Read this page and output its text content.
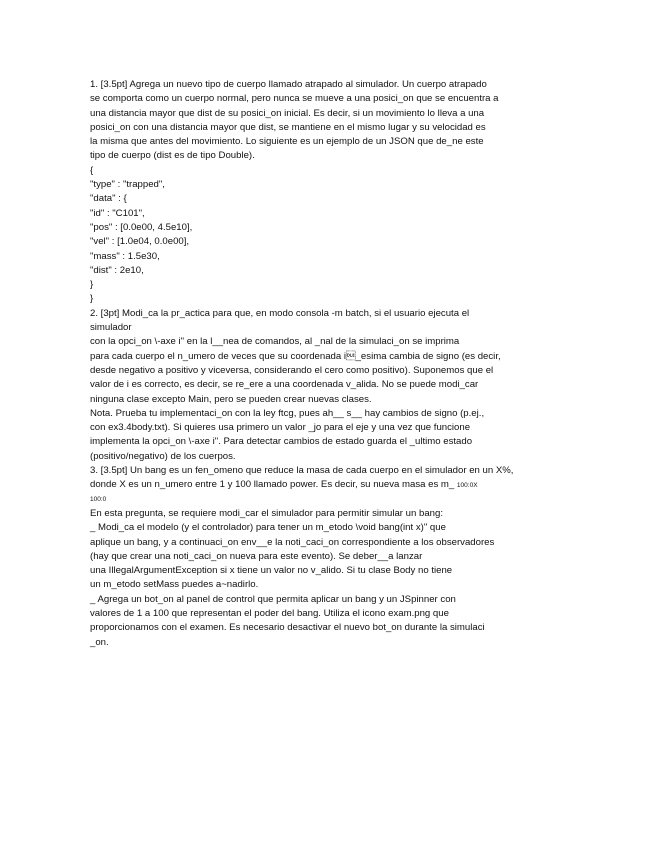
1. [3.5pt] Agrega un nuevo tipo de cuerpo llamado atrapado al simulador. Un cuerpo atrapado
se comporta como un cuerpo normal, pero nunca se mueve a una posici_on que se encuentra a
una distancia mayor que dist de su posici_on inicial. Es decir, si un movimiento lo lleva a una
posici_on con una distancia mayor que dist, se mantiene en el mismo lugar y su velocidad es
la misma que antes del movimiento. Lo siguiente es un ejemplo de un JSON que de_ne este
tipo de cuerpo (dist es de tipo Double).
{
"type" : "trapped",
"data" : {
"id" : "C101",
"pos" : [0.0e00, 4.5e10],
"vel" : [1.0e04, 0.0e00],
"mass" : 1.5e30,
"dist" : 2e10,
}
}
2. [3pt] Modi_ca la pr_actica para que, en modo consola -m batch, si el usuario ejecuta el
simulador
con la opci_on \-axe i" en la l__nea de comandos, al _nal de la simulaci_on se imprima
para cada cuerpo el n_umero de veces que su coordenada i_esima cambia de signo (es decir,
desde negativo a positivo y viceversa, considerando el cero como positivo). Suponemos que el
valor de i es correcto, es decir, se re_ere a una coordenada v_alida. No se puede modi_car
ninguna clase excepto Main, pero se pueden crear nuevas clases.
Nota. Prueba tu implementaci_on con la ley ftcg, pues ah__ s__ hay cambios de signo (p.ej.,
con ex3.4body.txt). Si quieres usa primero un valor _jo para el eje y una vez que funcione
implementa la opci_on \-axe i". Para detectar cambios de estado guarda el _ultimo estado
(positivo/negativo) de los cuerpos.
3. [3.5pt] Un bang es un fen_omeno que reduce la masa de cada cuerpo en el simulador en un X%,
donde X es un n_umero entre 1 y 100 llamado power. Es decir, su nueva masa es m_ 100:0X
100:0
En esta pregunta, se requiere modi_car el simulador para permitir simular un bang:
_ Modi_ca el modelo (y el controlador) para tener un m_etodo \void bang(int x)" que
aplique un bang, y a continuaci_on env__e la noti_caci_on correspondiente a los observadores
(hay que crear una noti_caci_on nueva para este evento). Se deber__a lanzar
una IllegalArgumentException si x tiene un valor no v_alido. Si tu clase Body no tiene
un m_etodo setMass puedes a~nadirlo.
_ Agrega un bot_on al panel de control que permita aplicar un bang y un JSpinner con
valores de 1 a 100 que representan el poder del bang. Utiliza el icono exam.png que
proporcionamos con el examen. Es necesario desactivar el nuevo bot_on durante la simulaci
_on.
